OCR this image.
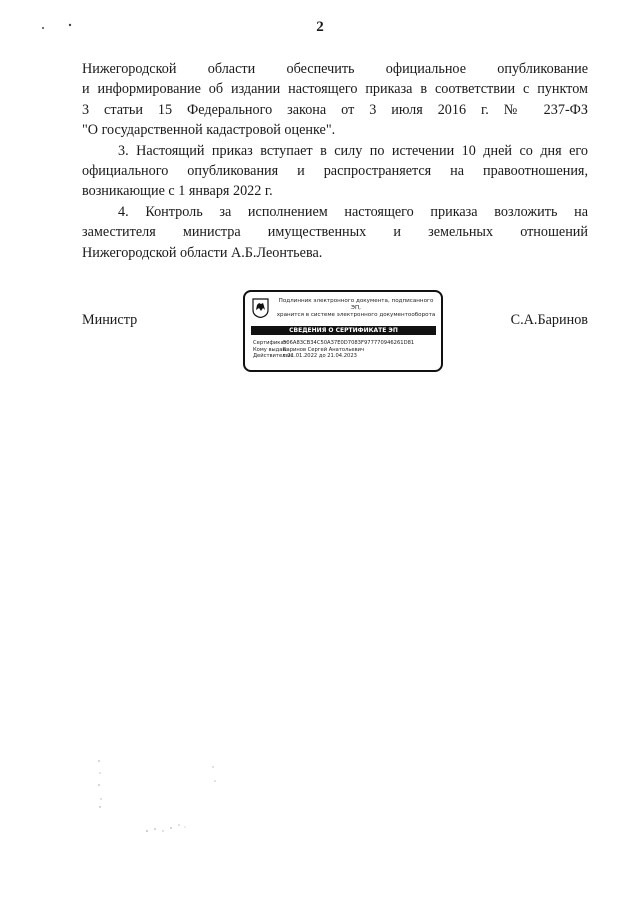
2

Нижегородской области обеспечить официальное опубликование
и информирование об издании настоящего приказа в соответствии с пунктом
3 статьи 15 Федерального закона от 3 июля 2016 г. № 237-ФЗ
"О государственной кадастровой оценке".

3. Настоящий приказ вступает в силу по истечении 10 дней со дня его
официального опубликования и распространяется на правоотношения,
возникающие с 1 января 2022 г.

4. Контроль за исполнением настоящего приказа возложить на
заместителя министра имущественных и земельных отношений
Нижегородской области А.Б.Леонтьева.

Министр	С.А.Баринов
Подлинник электронного документа, подписанного ЭП,
хранится в системе электронного документооборота
СВЕДЕНИЯ О СЕРТИФИКАТЕ ЭП
Сертификат:506A83CB34C50A37E0D7083F977770946261D81
Кому выдан:Баринов Сергей Анатольевич
Действителен:с 21.01.2022 до 21.04.2023
